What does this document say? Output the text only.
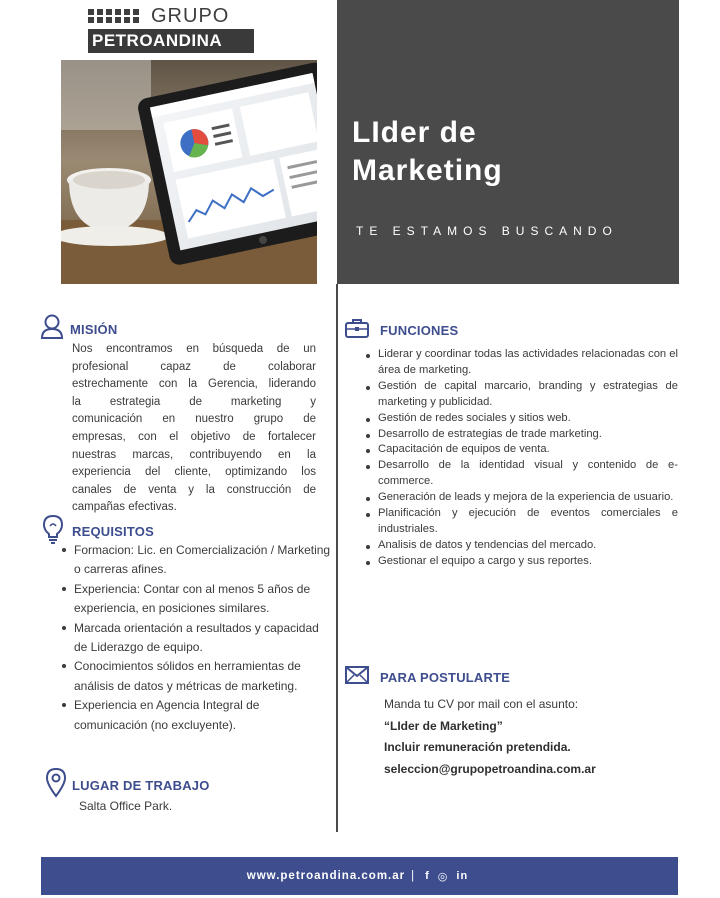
GRUPO
PETROANDINA
LIder de
Marketing
TE ESTAMOS BUSCANDO
MISIÓN
Nos encontramos en búsqueda de un
profesional capaz de colaborar
estrechamente con la Gerencia, liderando
la estrategia de marketing y
comunicación en nuestro grupo de
empresas, con el objetivo de fortalecer
nuestras marcas, contribuyendo en la
experiencia del cliente, optimizando los
canales de venta y la construcción de
campañas efectivas.
REQUISITOS
Formacion: Lic. en Comercialización / Marketing o carreras afines.
Experiencia: Contar con al menos 5 años de experiencia, en posiciones similares.
Marcada orientación a resultados y capacidad de Liderazgo de equipo.
Conocimientos sólidos en herramientas de análisis de datos y métricas de marketing.
Experiencia en Agencia Integral de comunicación (no excluyente).
LUGAR DE TRABAJO
Salta Office Park.
FUNCIONES
Liderar y coordinar todas las actividades relacionadas con el área de marketing.
Gestión de capital marcario, branding y estrategias de marketing y publicidad.
Gestión de redes sociales y sitios web.
Desarrollo de estrategias de trade marketing.
Capacitación de equipos de venta.
Desarrollo de la identidad visual y contenido de e-commerce.
Generación de leads y mejora de la experiencia de usuario.
Planificación y ejecución de eventos comerciales e industriales.
Analisis de datos y tendencias del mercado.
Gestionar el equipo a cargo y sus reportes.
PARA POSTULARTE
Manda tu CV por mail con el asunto:
“LIder de Marketing”
Incluir remuneración pretendida.
seleccion@grupopetroandina.com.ar
www.petroandina.com.ar | f ◎ in
